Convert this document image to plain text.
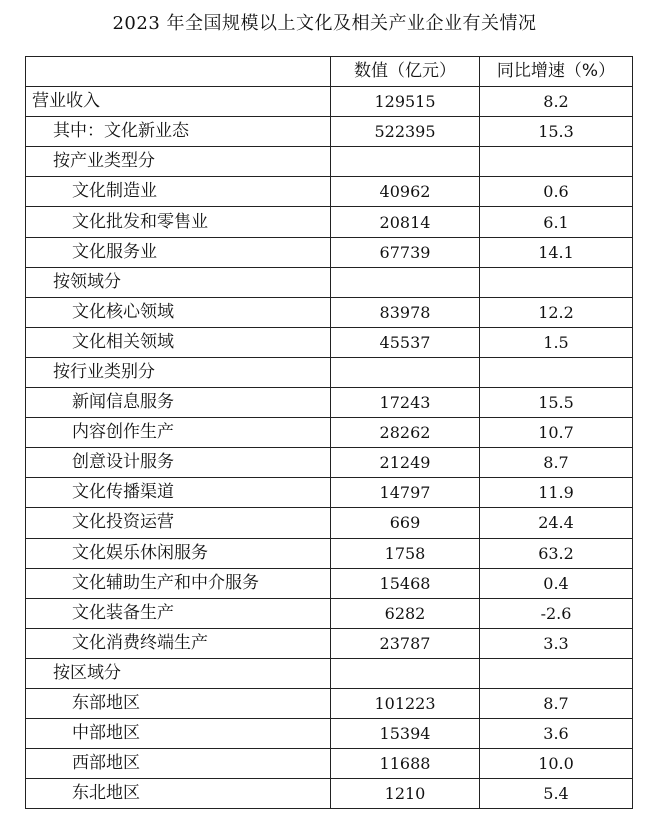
2023 年全国规模以上文化及相关产业企业有关情况
	数值（亿元）	同比增速（%）
营业收入	129515	8.2
其中：文化新业态	522395	15.3
按产业类型分		
文化制造业	40962	0.6
文化批发和零售业	20814	6.1
文化服务业	67739	14.1
按领域分		
文化核心领域	83978	12.2
文化相关领域	45537	1.5
按行业类别分		
新闻信息服务	17243	15.5
内容创作生产	28262	10.7
创意设计服务	21249	8.7
文化传播渠道	14797	11.9
文化投资运营	669	24.4
文化娱乐休闲服务	1758	63.2
文化辅助生产和中介服务	15468	0.4
文化装备生产	6282	-2.6
文化消费终端生产	23787	3.3
按区域分		
东部地区	101223	8.7
中部地区	15394	3.6
西部地区	11688	10.0
东北地区	1210	5.4
